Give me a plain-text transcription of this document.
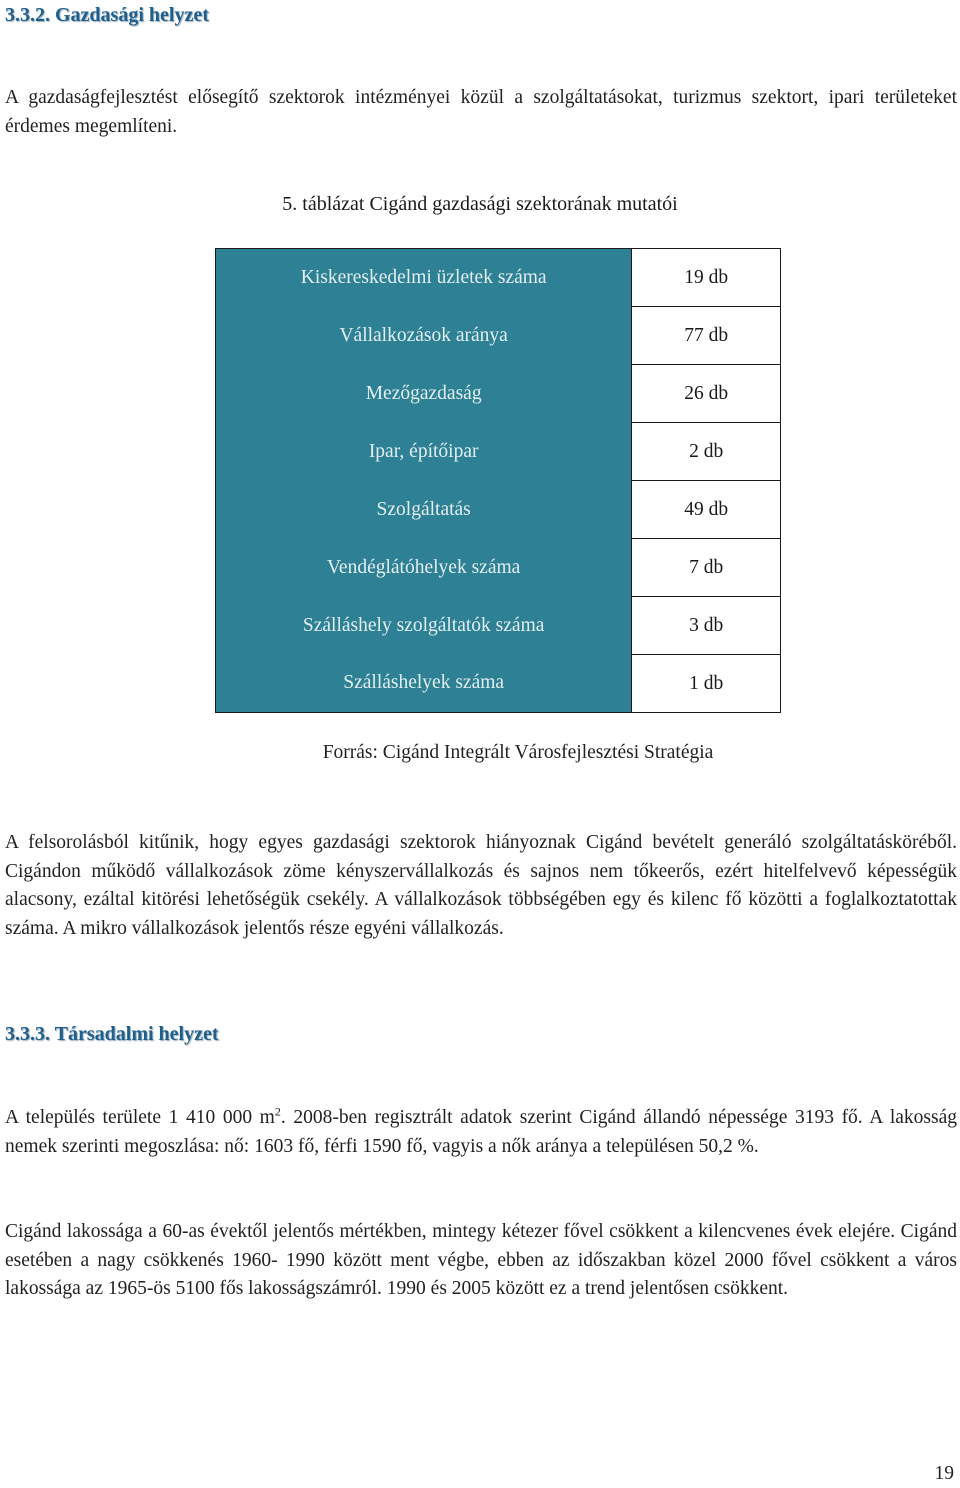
3.3.2. Gazdasági helyzet

A gazdaságfejlesztést elősegítő szektorok intézményei közül a szolgáltatásokat, turizmus szektort, ipari területeket érdemes megemlíteni.

5. táblázat Cigánd gazdasági szektorának mutatói

Kiskereskedelmi üzletek száma	19 db
Vállalkozások aránya	77 db
Mezőgazdaság	26 db
Ipar, építőipar	2 db
Szolgáltatás	49 db
Vendéglátóhelyek száma	7 db
Szálláshely szolgáltatók száma	3 db
Szálláshelyek száma	1 db

Forrás: Cigánd Integrált Városfejlesztési Stratégia

A felsorolásból kitűnik, hogy egyes gazdasági szektorok hiányoznak Cigánd bevételt generáló szolgáltatásköréből. Cigándon működő vállalkozások zöme kényszervállalkozás és sajnos nem tőkeerős, ezért hitelfelvevő képességük alacsony, ezáltal kitörési lehetőségük csekély. A vállalkozások többségében egy és kilenc fő közötti a foglalkoztatottak száma. A mikro vállalkozások jelentős része egyéni vállalkozás.

3.3.3. Társadalmi helyzet

A település területe 1 410 000 $m^2$. 2008-ben regisztrált adatok szerint Cigánd állandó népessége 3193 fő. A lakosság nemek szerinti megoszlása: nő: 1603 fő, férfi 1590 fő, vagyis a nők aránya a településen 50,2 %.

Cigánd lakossága a 60-as évektől jelentős mértékben, mintegy kétezer fővel csökkent a kilencvenes évek elejére. Cigánd esetében a nagy csökkenés 1960- 1990 között ment végbe, ebben az időszakban közel 2000 fővel csökkent a város lakossága az 1965-ös 5100 fős lakosságszámról. 1990 és 2005 között ez a trend jelentősen csökkent.

19
